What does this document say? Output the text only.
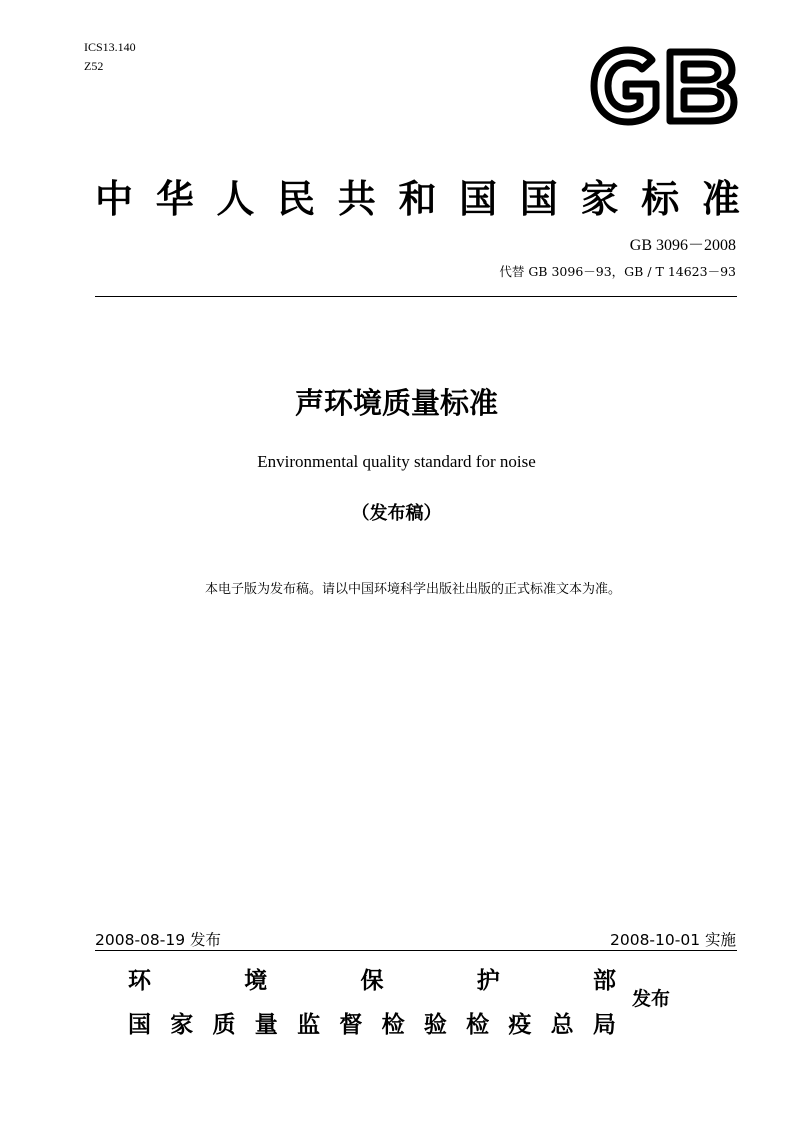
ICS13.140
Z52
GB
中 华 人 民 共 和 国 国 家 标 准
GB 3096－2008
代替 GB 3096－93，GB / T 14623－93
声环境质量标准
Environmental quality standard for noise
（发布稿）
本电子版为发布稿。请以中国环境科学出版社出版的正式标准文本为准。
2008-08-19 发布	2008-10-01 实施
环	境	保	护	部
国 家 质 量 监 督 检 验 检 疫 总 局
发布
